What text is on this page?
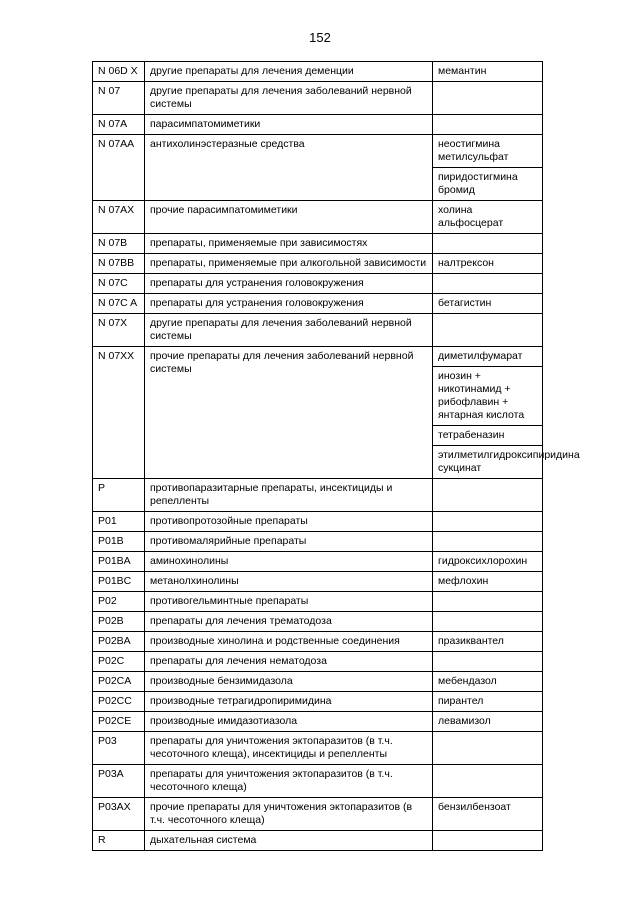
152
N 06D X	другие препараты для лечения деменции	мемантин
N 07	другие препараты для лечения заболеваний нервной системы	
N 07A	парасимпатомиметики	
N 07AA	антихолинэстеразные средства	неостигмина метилсульфат
		пиридостигмина бромид
N 07AX	прочие парасимпатомиметики	холина альфосцерат
N 07B	препараты, применяемые при зависимостях	
N 07BB	препараты, применяемые при алкогольной зависимости	налтрексон
N 07C	препараты для устранения головокружения	
N 07C A	препараты для устранения головокружения	бетагистин
N 07X	другие препараты для лечения заболеваний нервной системы	
N 07XX	прочие препараты для лечения заболеваний нервной системы	диметилфумарат
		инозин + никотинамид + рибофлавин + янтарная кислота
		тетрабеназин
		этилметилгидроксипиридина сукцинат
P	противопаразитарные препараты, инсектициды и репелленты	
P01	противопротозойные препараты	
P01B	противомалярийные препараты	
P01BA	аминохинолины	гидроксихлорохин
P01BC	метанолхинолины	мефлохин
P02	противогельминтные препараты	
P02B	препараты для лечения трематодоза	
P02BA	производные хинолина и родственные соединения	празиквантел
P02C	препараты для лечения нематодоза	
P02CA	производные бензимидазола	мебендазол
P02CC	производные тетрагидропиримидина	пирантел
P02CE	производные имидазотиазола	левамизол
P03	препараты для уничтожения эктопаразитов (в т.ч. чесоточного клеща), инсектициды и репелленты	
P03A	препараты для уничтожения эктопаразитов (в т.ч. чесоточного клеща)	
P03AX	прочие препараты для уничтожения эктопаразитов (в т.ч. чесоточного клеща)	бензилбензоат
R	дыхательная система	
